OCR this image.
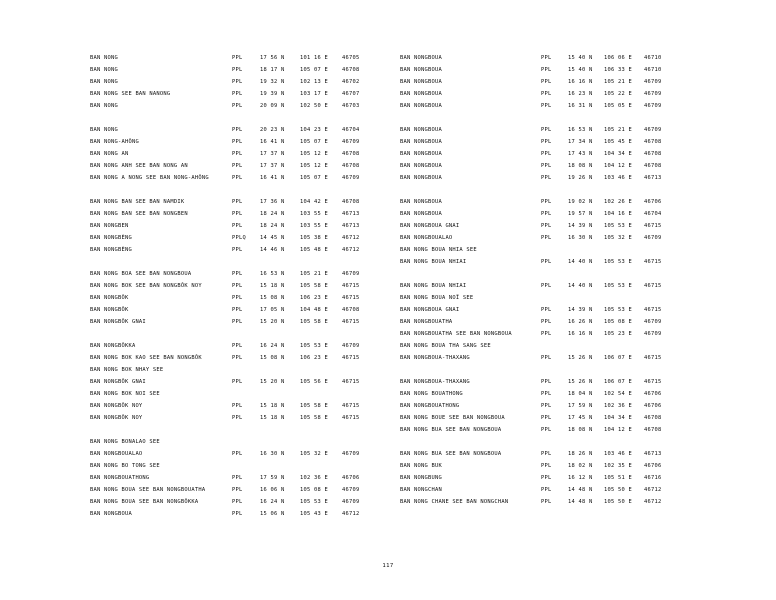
BAN NONG	PPL	17 56 N	101 16 E	46705
BAN NONG	PPL	18 17 N	105 07 E	46708
BAN NONG	PPL	19 32 N	102 13 E	46702
BAN NONG SEE BAN NANONG	PPL	19 39 N	103 17 E	46707
BAN NONG	PPL	20 09 N	102 50 E	46703
BAN NONG	PPL	20 23 N	104 23 E	46704
BAN NONG-AHÔNG	PPL	16 41 N	105 07 E	46709
BAN NONG AN	PPL	17 37 N	105 12 E	46708
BAN NONG ANH SEE BAN NONG AN	PPL	17 37 N	105 12 E	46708
BAN NONG A NONG SEE BAN NONG-AHÔNG	PPL	16 41 N	105 07 E	46709
BAN NONG BAN SEE BAN NAMDIK	PPL	17 36 N	104 42 E	46708
BAN NONG BAN SEE BAN NONGBEN	PPL	18 24 N	103 55 E	46713
BAN NONGBEN	PPL	18 24 N	103 55 E	46713
BAN NONGBÈNG	PPLQ	14 45 N	105 38 E	46712
BAN NONGBÈNG	PPL	14 46 N	105 48 E	46712
BAN NONG BOA SEE BAN NONGBOUA	PPL	16 53 N	105 21 E	46709
BAN NONG BOK SEE BAN NONGBÔK NOY	PPL	15 18 N	105 58 E	46715
BAN NONGBÔK	PPL	15 08 N	106 23 E	46715
BAN NONGBÔK	PPL	17 05 N	104 48 E	46708
BAN NONGBÔK GNAI	PPL	15 20 N	105 58 E	46715
BAN NONGBÔKKA	PPL	16 24 N	105 53 E	46709
BAN NONG BOK KAO SEE BAN NONGBÔK	PPL	15 08 N	106 23 E	46715
BAN NONG BOK NHAY SEE
BAN NONGBÔK GNAI	PPL	15 20 N	105 56 E	46715
BAN NONG BOK NOI SEE
BAN NONGBÔK NOY	PPL	15 18 N	105 58 E	46715
BAN NONGBÔK NOY	PPL	15 18 N	105 58 E	46715
BAN NONG BONALAO SEE
BAN NONGBOUALAO	PPL	16 30 N	105 32 E	46709
BAN NONG BO TONG SEE
BAN NONGBOUATHONG	PPL	17 59 N	102 36 E	46706
BAN NONG BOUA SEE BAN NONGBOUATHA	PPL	16 06 N	105 08 E	46709
BAN NONG BOUA SEE BAN NONGBÔKKA	PPL	16 24 N	105 53 E	46709
BAN NONGBOUA	PPL	15 06 N	105 43 E	46712
BAN NONGBOUA	PPL	15 40 N 106 06 E 46710
BAN NONGBOUA	PPL	15 40 N 106 33 E 46710
BAN NONGBOUA	PPL	16 16 N 105 21 E 46709
BAN NONGBOUA	PPL	16 23 N 105 22 E 46709
BAN NONGBOUA	PPL	16 31 N 105 05 E 46709
BAN NONGBOUA	PPL	16 53 N 105 21 E 46709
BAN NONGBOUA	PPL	17 34 N 105 45 E 46708
BAN NONGBOUA	PPL	17 43 N 104 34 E 46708
BAN NONGBOUA	PPL	18 08 N 104 12 E 46708
BAN NONGBOUA	PPL	19 26 N 103 46 E 46713
BAN NONGBOUA	PPL	19 02 N 102 26 E 46706
BAN NONGBOUA	PPL	19 57 N 104 16 E 46704
BAN NONGBOUA GNAI	PPL	14 39 N 105 53 E 46715
BAN NONGBOUALAO	PPL	16 30 N 105 32 E 46709
BAN NONG BOUA NHIA SEE
BAN NONG BOUA NHIAI	PPL	14 40 N 105 53 E 46715
BAN NONG BOUA NHIAI	PPL	14 40 N 105 53 E 46715
BAN NONG BOUA NOÏ SEE
BAN NONGBOUA GNAI	PPL	14 39 N 105 53 E 46715
BAN NONGBOUATHA	PPL	16 26 N 105 08 E 46709
BAN NONGBOUATHA SEE BAN NONGBOUA	PPL	16 16 N 105 23 E 46709
BAN NONG BOUA THA SANG SEE
BAN NONGBOUA-THAXANG	PPL	15 26 N 106 07 E 46715
BAN NONGBOUA-THAXANG	PPL	15 26 N 106 07 E 46715
BAN NONG BOUATHONG	PPL	18 04 N 102 54 E 46706
BAN NONGBOUATHONG	PPL	17 59 N 102 36 E 46706
BAN NONG BOUE SEE BAN NONGBOUA	PPL	17 45 N 104 34 E 46708
BAN NONG BUA SEE BAN NONGBOUA	PPL	18 08 N 104 12 E 46708
BAN NONG BUA SEE BAN NONGBOUA	PPL	18 26 N 103 46 E 46713
BAN NONG BUK	PPL	18 02 N 102 35 E 46706
BAN NONGBUNG	PPL	16 12 N 105 51 E 46716
BAN NONGCHAN	PPL	14 48 N 105 50 E 46712
BAN NONG CHANE SEE BAN NONGCHAN	PPL	14 48 N 105 50 E 46712
117
